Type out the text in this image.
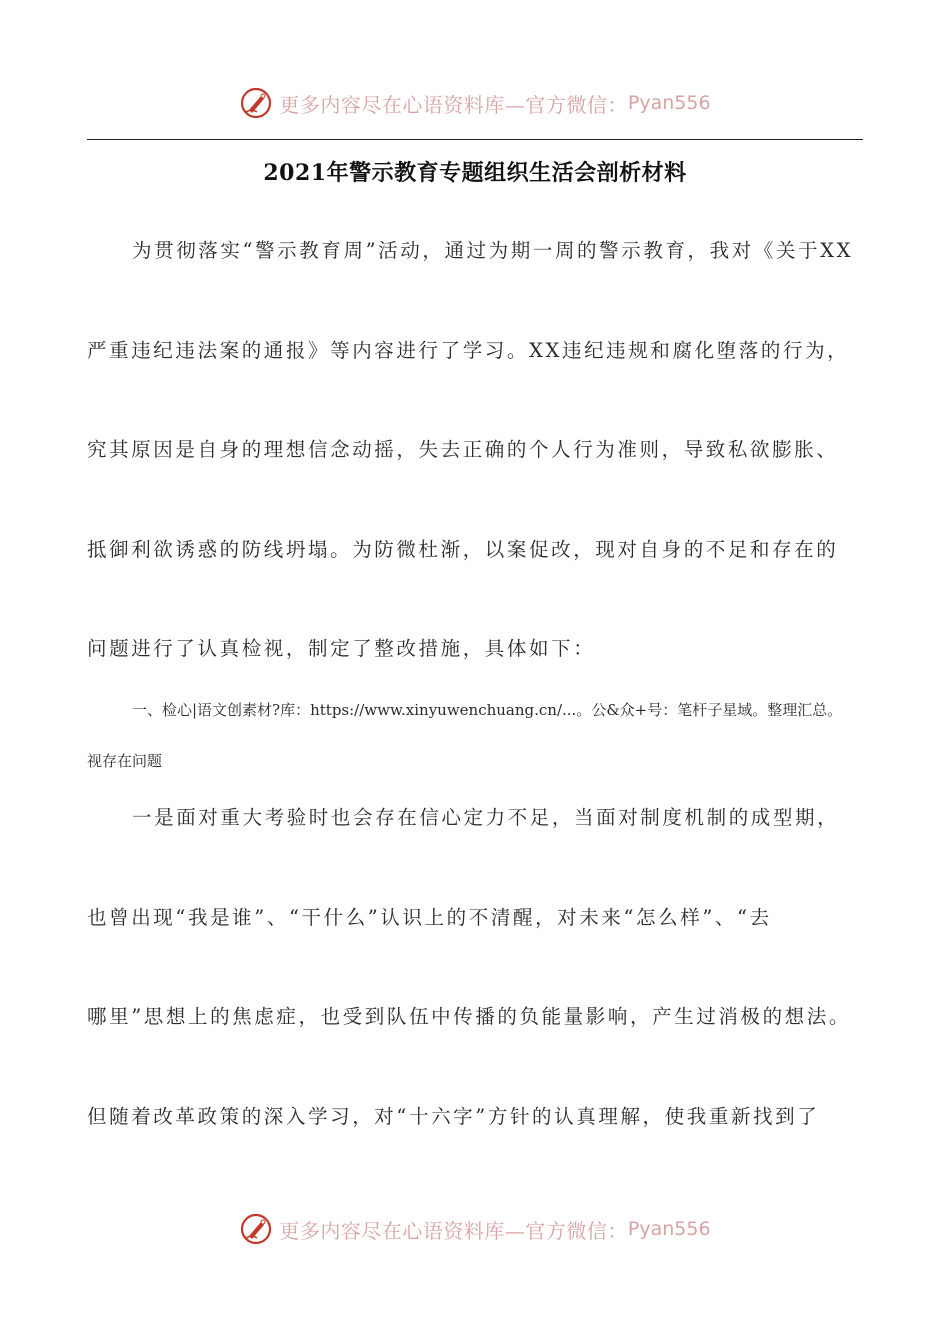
更多内容尽在心语资料库—官方微信： Pyan556
2021年警示教育专题组织生活会剖析材料
为贯彻落实“警示教育周”活动，通过为期一周的警示教育，我对《关于XX
严重违纪违法案的通报》等内容进行了学习。XX违纪违规和腐化堕落的行为，
究其原因是自身的理想信念动摇，失去正确的个人行为准则，导致私欲膨胀、
抵御利欲诱惑的防线坍塌。为防微杜渐，以案促改，现对自身的不足和存在的
问题进行了认真检视，制定了整改措施，具体如下：
一、检心|语文创素材?库：https://www.xinyuwenchuang.cn/...。公&众+号：笔杆子星域。整理汇总。
视存在问题
一是面对重大考验时也会存在信心定力不足，当面对制度机制的成型期，
也曾出现“我是谁”、“干什么”认识上的不清醒，对未来“怎么样”、“去
哪里”思想上的焦虑症，也受到队伍中传播的负能量影响，产生过消极的想法。
但随着改革政策的深入学习，对“十六字”方针的认真理解，使我重新找到了
更多内容尽在心语资料库—官方微信： Pyan556
